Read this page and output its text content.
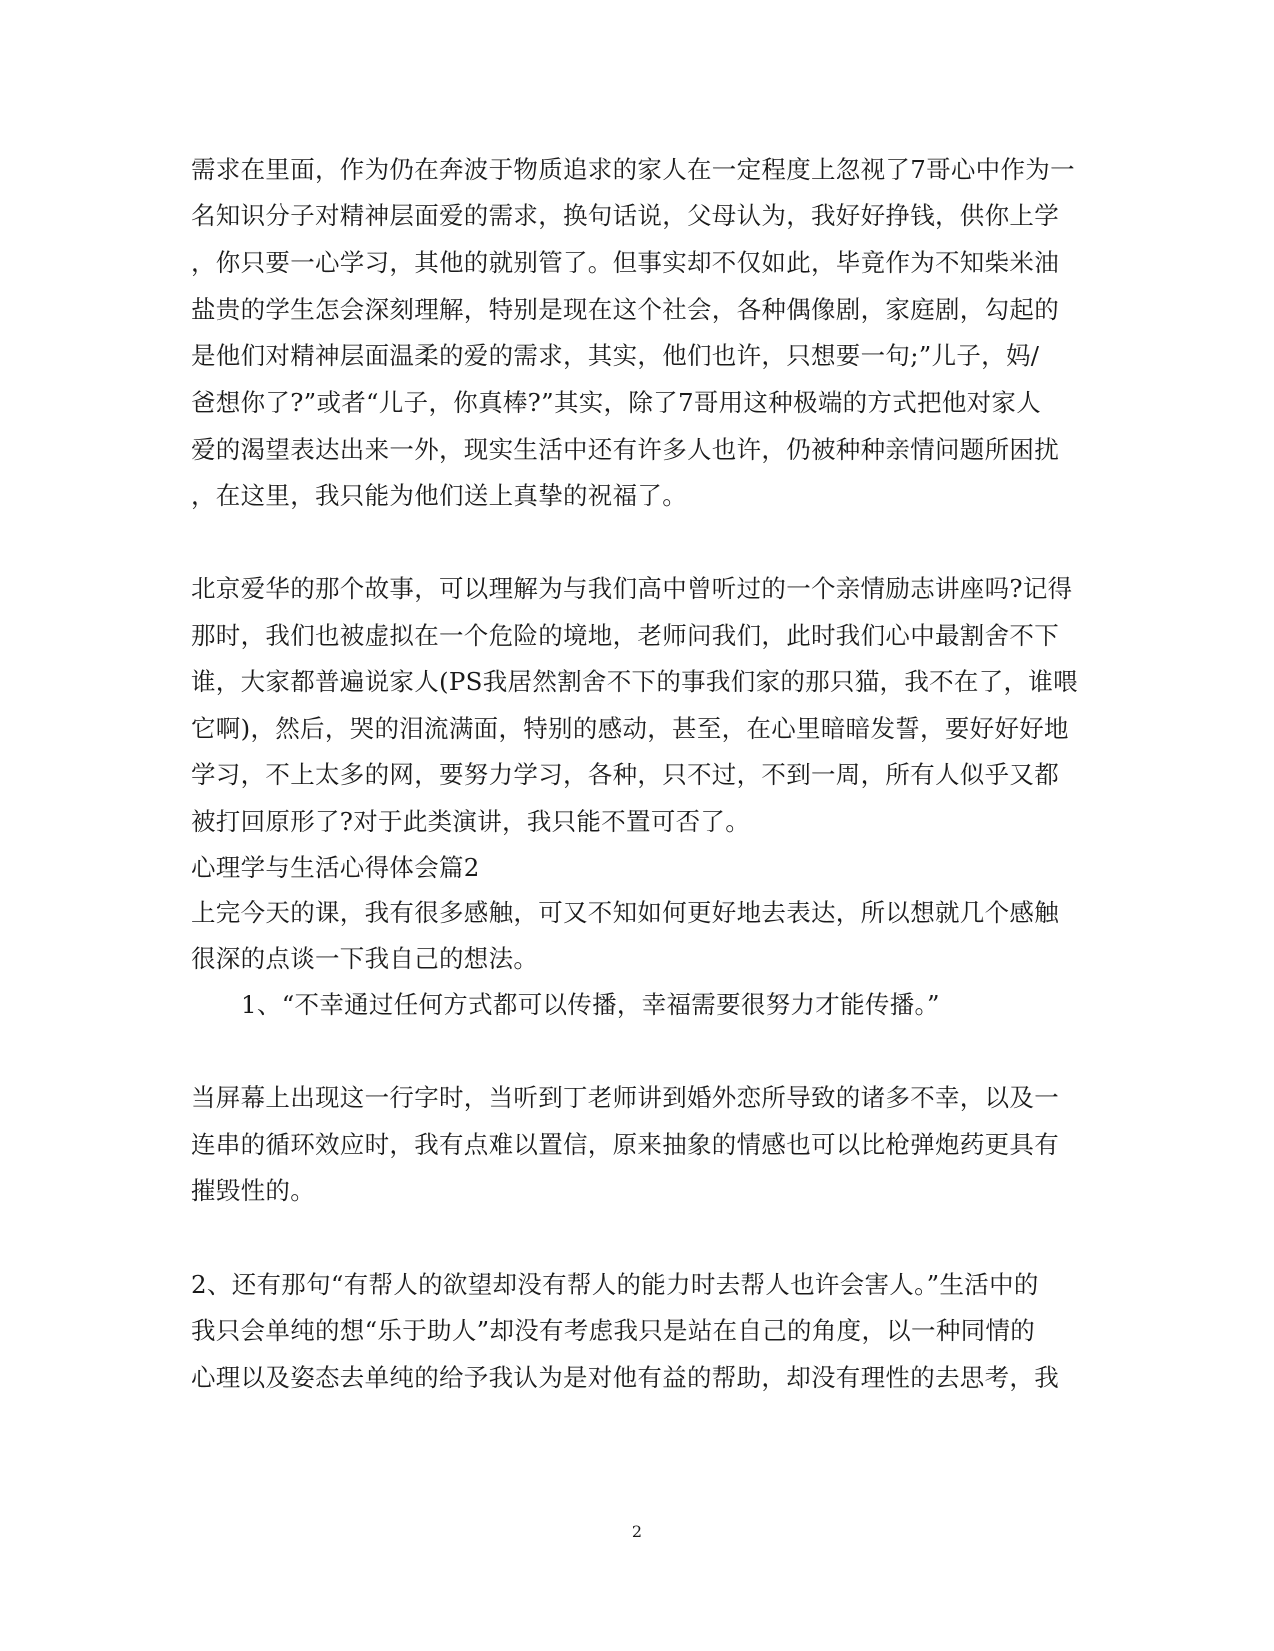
需求在里面，作为仍在奔波于物质追求的家人在一定程度上忽视了7哥心中作为一
名知识分子对精神层面爱的需求，换句话说，父母认为，我好好挣钱，供你上学
，你只要一心学习，其他的就别管了。但事实却不仅如此，毕竟作为不知柴米油
盐贵的学生怎会深刻理解，特别是现在这个社会，各种偶像剧，家庭剧，勾起的
是他们对精神层面温柔的爱的需求，其实，他们也许，只想要一句;”儿子，妈/
爸想你了?”或者“儿子，你真棒?”其实，除了7哥用这种极端的方式把他对家人
爱的渴望表达出来一外，现实生活中还有许多人也许，仍被种种亲情问题所困扰
，在这里，我只能为他们送上真挚的祝福了。
北京爱华的那个故事，可以理解为与我们高中曾听过的一个亲情励志讲座吗?记得
那时，我们也被虚拟在一个危险的境地，老师问我们，此时我们心中最割舍不下
谁，大家都普遍说家人(PS我居然割舍不下的事我们家的那只猫，我不在了，谁喂
它啊)，然后，哭的泪流满面，特别的感动，甚至，在心里暗暗发誓，要好好好地
学习，不上太多的网，要努力学习，各种，只不过，不到一周，所有人似乎又都
被打回原形了?对于此类演讲，我只能不置可否了。
心理学与生活心得体会篇2
上完今天的课，我有很多感触，可又不知如何更好地去表达，所以想就几个感触
很深的点谈一下我自己的想法。
1、“不幸通过任何方式都可以传播，幸福需要很努力才能传播。”
当屏幕上出现这一行字时，当听到丁老师讲到婚外恋所导致的诸多不幸，以及一
连串的循环效应时，我有点难以置信，原来抽象的情感也可以比枪弹炮药更具有
摧毁性的。
2、还有那句“有帮人的欲望却没有帮人的能力时去帮人也许会害人。”生活中的
我只会单纯的想“乐于助人”却没有考虑我只是站在自己的角度，以一种同情的
心理以及姿态去单纯的给予我认为是对他有益的帮助，却没有理性的去思考，我
2
